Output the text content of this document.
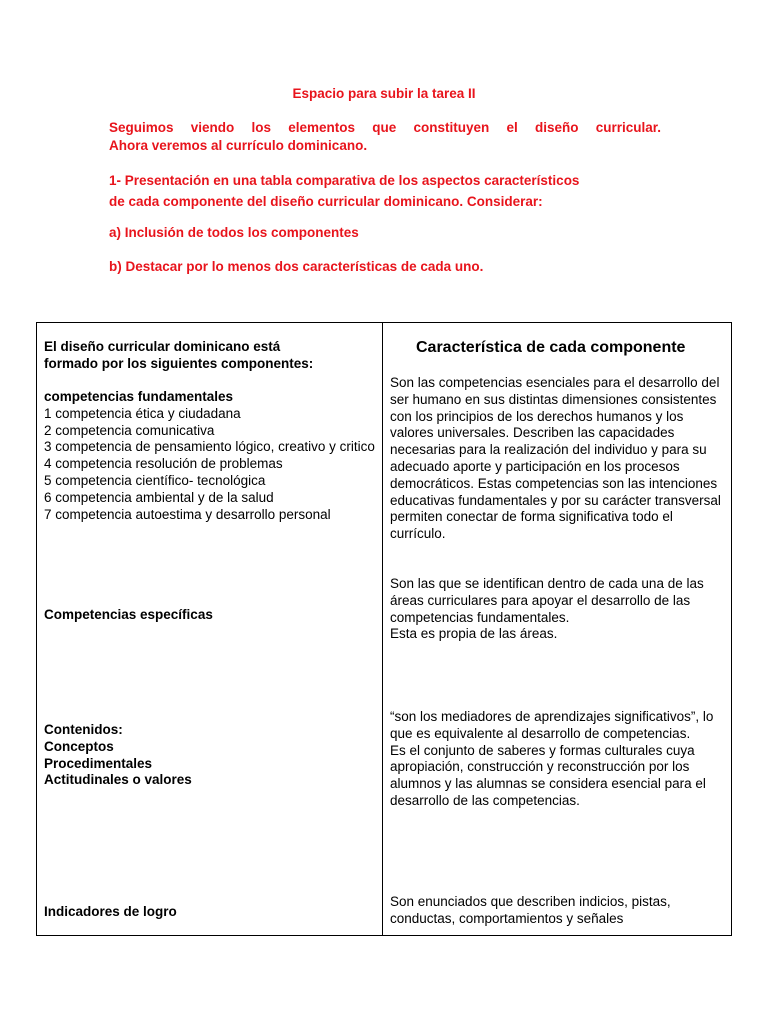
Espacio para subir la tarea II
Seguimos viendo los elementos que constituyen el diseño curricular.
Ahora veremos al currículo dominicano.
1- Presentación en una tabla comparativa de los aspectos característicos
de cada componente del diseño curricular dominicano. Considerar:
a) Inclusión de todos los componentes
b) Destacar por lo menos dos características de cada uno.
El diseño curricular dominicano está
formado por los siguientes componentes:
competencias fundamentales
1 competencia ética y ciudadana
2 competencia comunicativa
3 competencia de pensamiento lógico, creativo y critico
4 competencia resolución de problemas
5 competencia científico- tecnológica
6 competencia ambiental y de la salud
7 competencia autoestima y desarrollo personal
Competencias específicas
Contenidos:
Conceptos
Procedimentales
Actitudinales o valores
Indicadores de logro
Característica de cada componente

Son las competencias esenciales para el desarrollo del ser humano en sus distintas dimensiones consistentes con los principios de los derechos humanos y los valores universales. Describen las capacidades necesarias para la realización del individuo y para su adecuado aporte y participación en los procesos democráticos. Estas competencias son las intenciones educativas fundamentales y por su carácter transversal permiten conectar de forma significativa todo el currículo.

Son las que se identifican dentro de cada una de las áreas curriculares para apoyar el desarrollo de las competencias fundamentales.

Esta es propia de las áreas.

“son los mediadores de aprendizajes significativos”, lo que es equivalente al desarrollo de competencias.

Es el conjunto de saberes y formas culturales cuya apropiación, construcción y reconstrucción por los alumnos y las alumnas se considera esencial para el desarrollo de las competencias.

Son enunciados que describen indicios, pistas, conductas, comportamientos y señales
